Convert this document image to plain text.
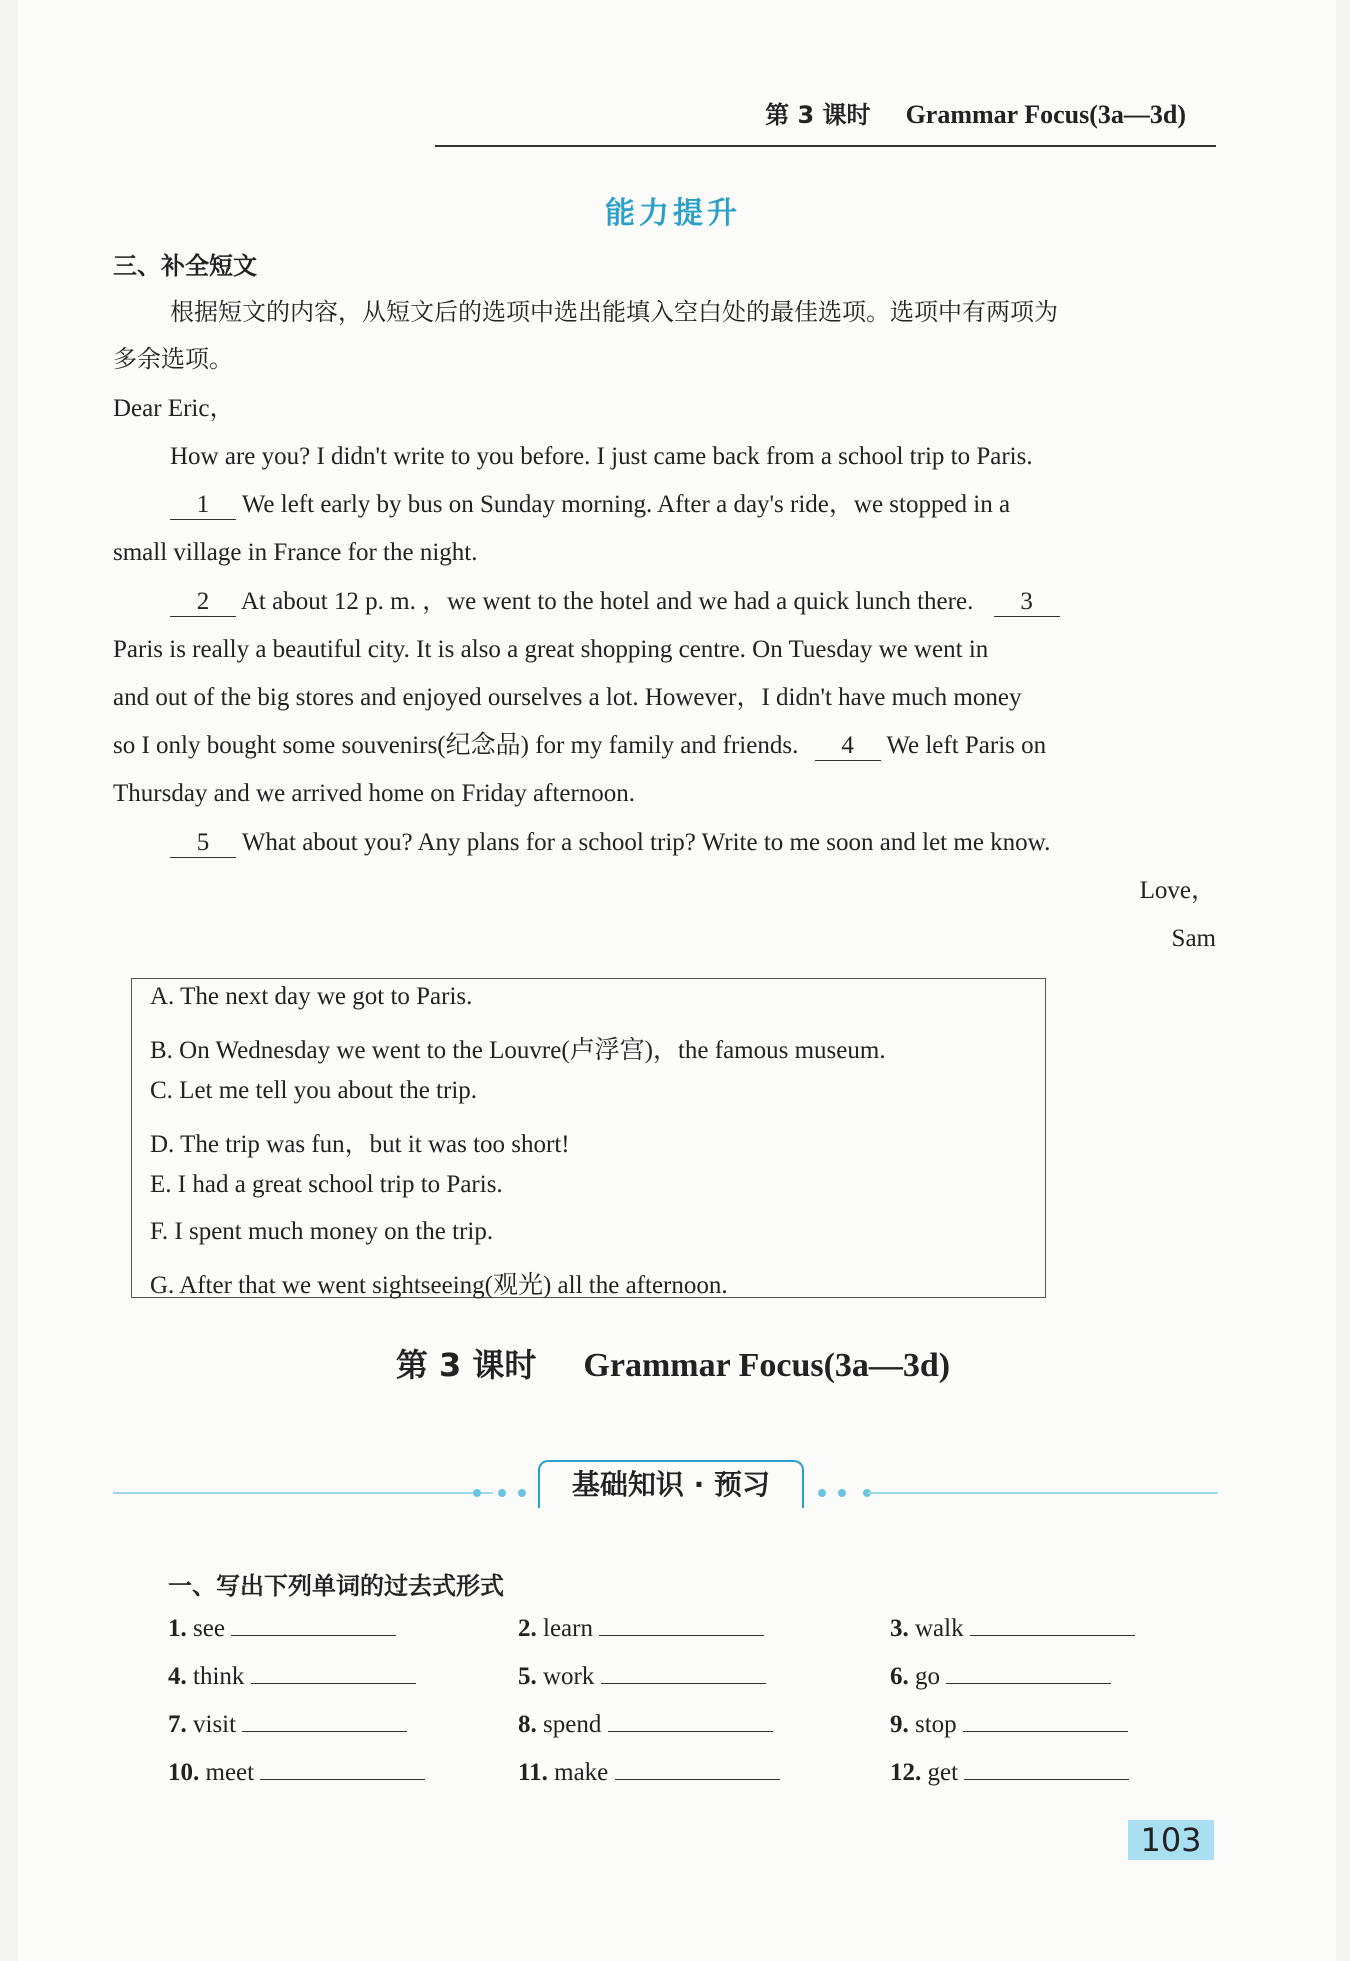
第 3 课时 Grammar Focus(3a—3d)
能力提升
三、补全短文
根据短文的内容，从短文后的选项中选出能填入空白处的最佳选项。选项中有两项为
多余选项。
Dear Eric，
How are you? I didn't write to you before. I just came back from a school trip to Paris.
1 We left early by bus on Sunday morning. After a day's ride，we stopped in a
small village in France for the night.
2 At about 12 p. m. ，we went to the hotel and we had a quick lunch there. 3
Paris is really a beautiful city. It is also a great shopping centre. On Tuesday we went in
and out of the big stores and enjoyed ourselves a lot. However，I didn't have much money
so I only bought some souvenirs(纪念品) for my family and friends. 4 We left Paris on
Thursday and we arrived home on Friday afternoon.
5 What about you? Any plans for a school trip? Write to me soon and let me know.
Love，
Sam
A. The next day we got to Paris.
B. On Wednesday we went to the Louvre(卢浮宫)，the famous museum.
C. Let me tell you about the trip.
D. The trip was fun，but it was too short!
E. I had a great school trip to Paris.
F. I spent much money on the trip.
G. After that we went sightseeing(观光) all the afternoon.
第 3 课时 Grammar Focus(3a—3d)
基础知识 · 预习
一、写出下列单词的过去式形式
1. see	2. learn	3. walk
4. think	5. work	6. go
7. visit	8. spend	9. stop
10. meet	11. make	12. get
103
